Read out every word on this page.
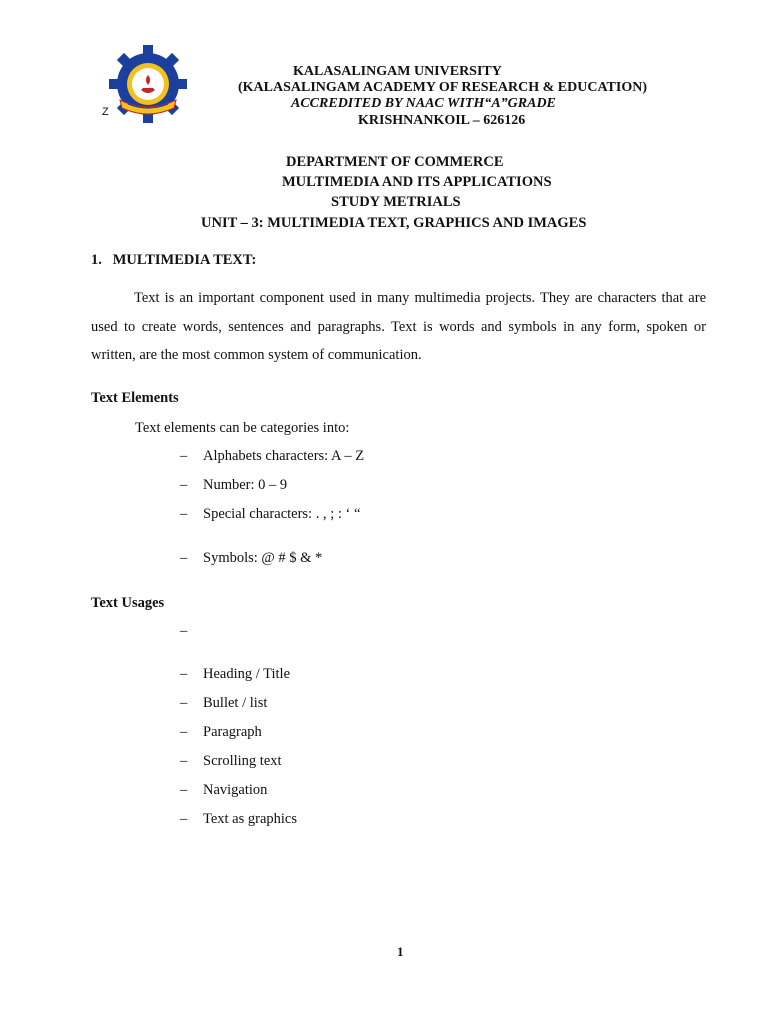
Z
KALASALINGAM UNIVERSITY
(KALASALINGAM ACADEMY OF RESEARCH & EDUCATION)
ACCREDITED BY NAAC WITH“A”GRADE
KRISHNANKOIL – 626126
DEPARTMENT OF COMMERCE
MULTIMEDIA AND ITS APPLICATIONS
STUDY METRIALS
UNIT – 3: MULTIMEDIA TEXT, GRAPHICS AND IMAGES
1.   MULTIMEDIA TEXT:
Text is an important component used in many multimedia projects. They are characters that are used to create words, sentences and paragraphs. Text is words and symbols in any form, spoken or written, are the most common system of communication.
Text Elements
Text elements can be categories into:
– Alphabets characters: A – Z
– Number: 0 – 9
– Special characters: . , ; : ‘ “
– Symbols: @ # $ & *
Text Usages
–
– Heading / Title
– Bullet / list
– Paragraph
– Scrolling text
– Navigation
– Text as graphics
1
